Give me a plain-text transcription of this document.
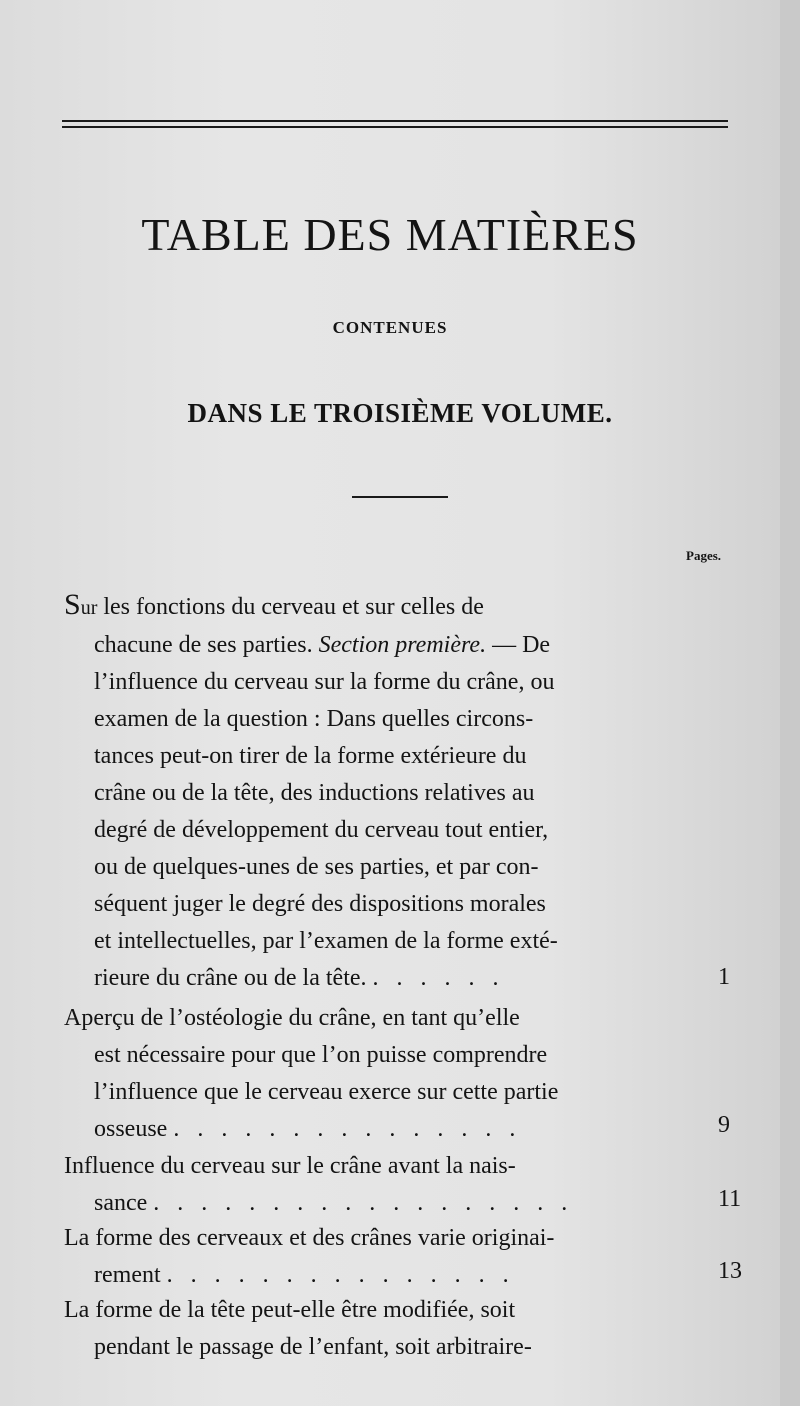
TABLE DES MATIÈRES
CONTENUES
DANS LE TROISIÈME VOLUME.
Pages.
Sur les fonctions du cerveau et sur celles de
chacune de ses parties. Section première. — De
l’influence du cerveau sur la forme du crâne, ou
examen de la question : Dans quelles circons-
tances peut-on tirer de la forme extérieure du
crâne ou de la tête, des inductions relatives au
degré de développement du cerveau tout entier,
ou de quelques-unes de ses parties, et par con-
séquent juger le degré des dispositions morales
et intellectuelles, par l’examen de la forme exté-
rieure du crâne ou de la tête. . . . . . .	1
Aperçu de l’ostéologie du crâne, en tant qu’elle
est nécessaire pour que l’on puisse comprendre
l’influence que le cerveau exerce sur cette partie
osseuse . . . . . . . . . . . . . . .	9
Influence du cerveau sur le crâne avant la nais-
sance . . . . . . . . . . . . . . . . . .	11
La forme des cerveaux et des crânes varie originai-
rement . . . . . . . . . . . . . . .	13
La forme de la tête peut-elle être modifiée, soit
pendant le passage de l’enfant, soit arbitraire-
